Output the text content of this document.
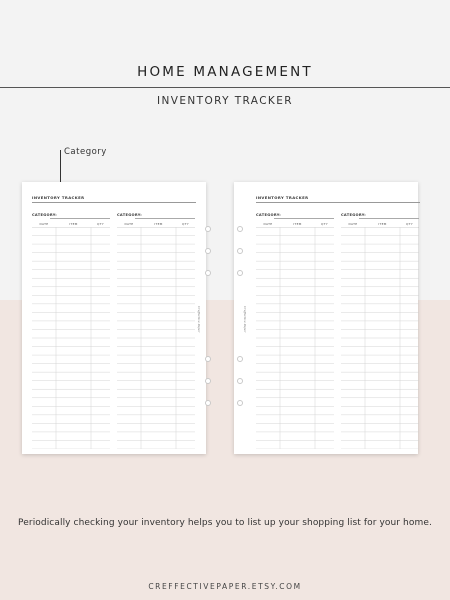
HOME MANAGEMENT
INVENTORY TRACKER
Category
INVENTORY TRACKER
CATEGORY:
DATE	ITEM	QTY
CATEGORY:
DATE	ITEM	QTY
Creffective Paper
INVENTORY TRACKER
CATEGORY:
DATE	ITEM	QTY
CATEGORY:
DATE	ITEM	QTY
Creffective Paper
Periodically checking your inventory helps you to list up your shopping list for your home.
CREFFECTIVEPAPER.ETSY.COM
